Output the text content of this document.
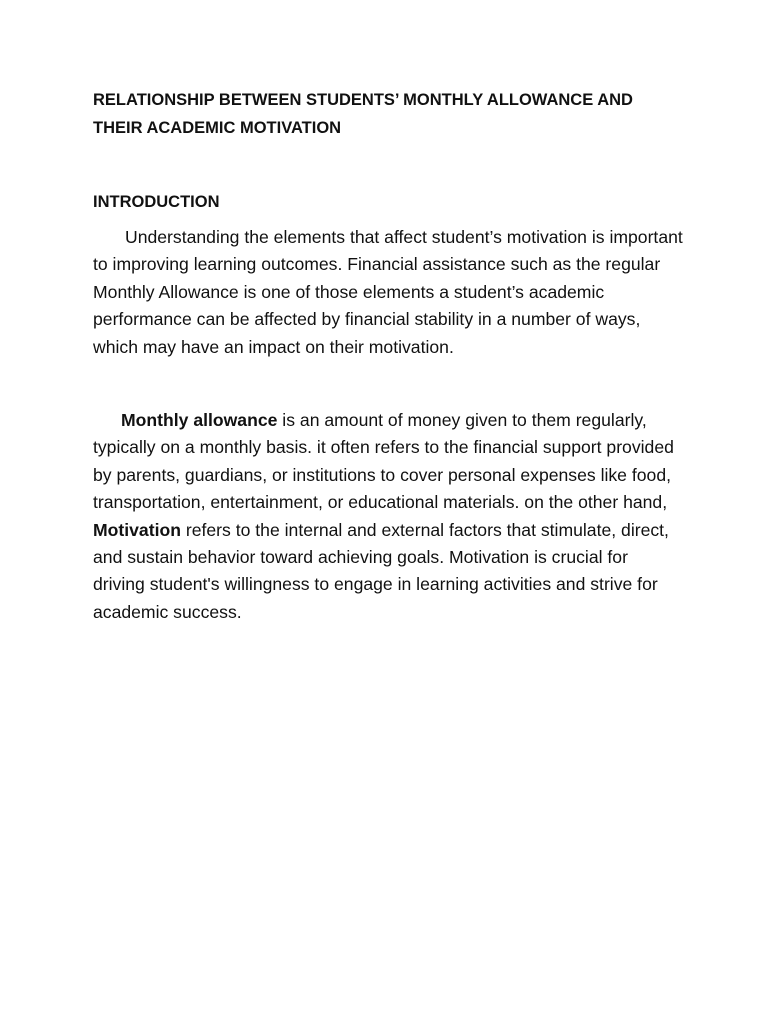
RELATIONSHIP BETWEEN STUDENTS’ MONTHLY ALLOWANCE AND THEIR ACADEMIC MOTIVATION

INTRODUCTION

Understanding the elements that affect student’s motivation is important to improving learning outcomes. Financial assistance such as the regular Monthly Allowance is one of those elements a student’s academic performance can be affected by financial stability in a number of ways, which may have an impact on their motivation.

Monthly allowance is an amount of money given to them regularly, typically on a monthly basis. it often refers to the financial support provided by parents, guardians, or institutions to cover personal expenses like food, transportation, entertainment, or educational materials. on the other hand, Motivation refers to the internal and external factors that stimulate, direct, and sustain behavior toward achieving goals. Motivation is crucial for driving student's willingness to engage in learning activities and strive for academic success.
